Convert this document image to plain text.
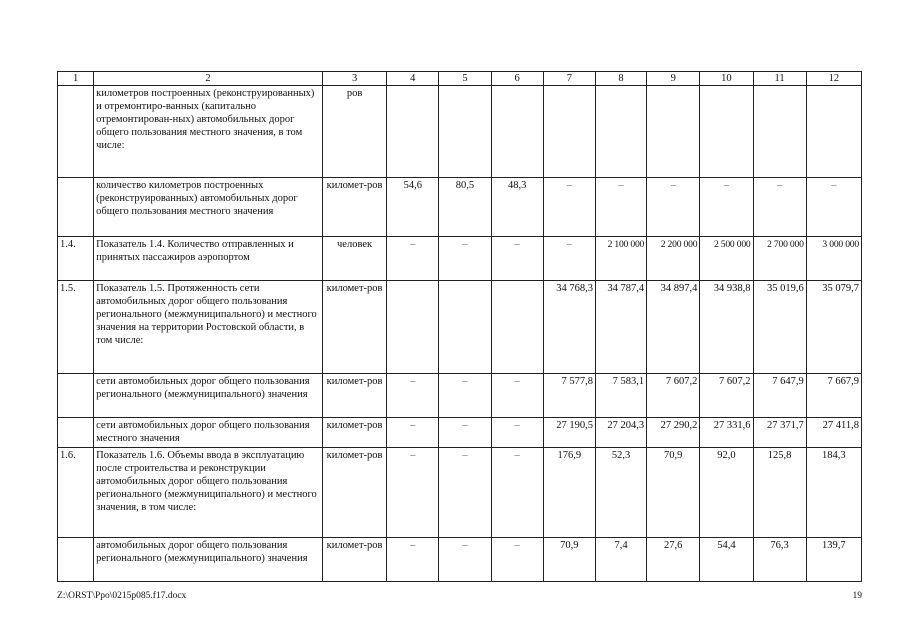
1	2	3	4	5	6	7	8	9	10	11	12
	километров построенных (реконструированных) и отремонтиро-ванных (капитально отремонтирован-ных) автомобильных дорог общего пользования местного значения, в том числе:	ров									
	количество километров построенных (реконструированных) автомобильных дорог общего пользования местного значения	километ-ров	54,6	80,5	48,3	–	–	–	–	–	–
1.4.	Показатель 1.4. Количество отправленных и принятых пассажиров аэропортом	человек	–	–	–	–	2 100 000	2 200 000	2 500 000	2 700 000	3 000 000
1.5.	Показатель 1.5. Протяженность сети автомобильных дорог общего пользования регионального (межмуниципального) и местного значения на территории Ростовской области, в том числе:	километ-ров				34 768,3	34 787,4	34 897,4	34 938,8	35 019,6	35 079,7
	сети автомобильных дорог общего пользования регионального (межмуниципального) значения	километ-ров	–	–	–	7 577,8	7 583,1	7 607,2	7 607,2	7 647,9	7 667,9
	сети автомобильных дорог общего пользования местного значения	километ-ров	–	–	–	27 190,5	27 204,3	27 290,2	27 331,6	27 371,7	27 411,8
1.6.	Показатель 1.6. Объемы ввода в эксплуатацию после строительства и реконструкции автомобильных дорог общего пользования регионального (межмуниципального) и местного значения, в том числе:	километ-ров	–	–	–	176,9	52,3	70,9	92,0	125,8	184,3
	автомобильных дорог общего пользования регионального (межмуниципального) значения	километ-ров	–	–	–	70,9	7,4	27,6	54,4	76,3	139,7
Z:\ORST\Ppo\0215p085.f17.docx	19
